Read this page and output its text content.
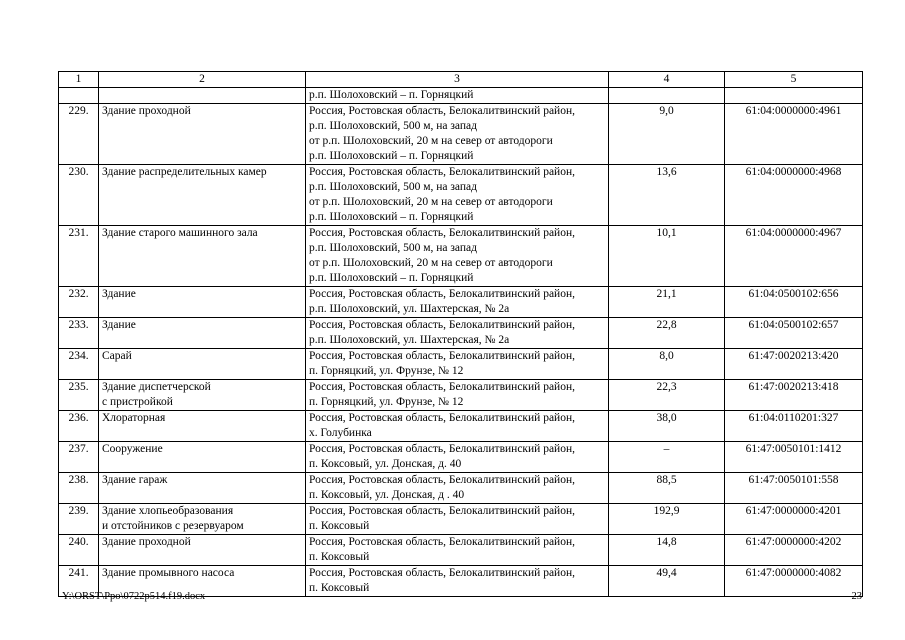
1	2	3	4	5

		р.п. Шолоховский – п. Горняцкий		

229.	Здание проходной	Россия, Ростовская область, Белокалитвинский район,
р.п. Шолоховский, 500 м, на запад
от р.п. Шолоховский, 20 м на север от автодороги
р.п. Шолоховский – п. Горняцкий	9,0	61:04:0000000:4961
230.	Здание распределительных камер	Россия, Ростовская область, Белокалитвинский район,
р.п. Шолоховский, 500 м, на запад
от р.п. Шолоховский, 20 м на север от автодороги
р.п. Шолоховский – п. Горняцкий	13,6	61:04:0000000:4968
231.	Здание старого машинного зала	Россия, Ростовская область, Белокалитвинский район,
р.п. Шолоховский, 500 м, на запад
от р.п. Шолоховский, 20 м на север от автодороги
р.п. Шолоховский – п. Горняцкий	10,1	61:04:0000000:4967
232.	Здание	Россия, Ростовская область, Белокалитвинский район,
р.п. Шолоховский, ул. Шахтерская, № 2а	21,1	61:04:0500102:656
233.	Здание	Россия, Ростовская область, Белокалитвинский район,
р.п. Шолоховский, ул. Шахтерская, № 2а	22,8	61:04:0500102:657
234.	Сарай	Россия, Ростовская область, Белокалитвинский район,
п. Горняцкий, ул. Фрунзе, № 12	8,0	61:47:0020213:420
235.	Здание диспетчерской
с пристройкой	Россия, Ростовская область, Белокалитвинский район,
п. Горняцкий, ул. Фрунзе, № 12	22,3	61:47:0020213:418
236.	Хлораторная	Россия, Ростовская область, Белокалитвинский район,
х. Голубинка	38,0	61:04:0110201:327
237.	Сооружение	Россия, Ростовская область, Белокалитвинский район,
п. Коксовый, ул. Донская, д. 40	–	61:47:0050101:1412
238.	Здание гараж	Россия, Ростовская область, Белокалитвинский район,
п. Коксовый, ул. Донская, д . 40	88,5	61:47:0050101:558
239.	Здание хлопьеобразования
и отстойников с резервуаром	Россия, Ростовская область, Белокалитвинский район,
п. Коксовый	192,9	61:47:0000000:4201
240.	Здание проходной	Россия, Ростовская область, Белокалитвинский район,
п. Коксовый	14,8	61:47:0000000:4202
241.	Здание промывного насоса	Россия, Ростовская область, Белокалитвинский район,
п. Коксовый	49,4	61:47:0000000:4082
Y:\ORST\Ppo\0722p514.f19.docx	23
